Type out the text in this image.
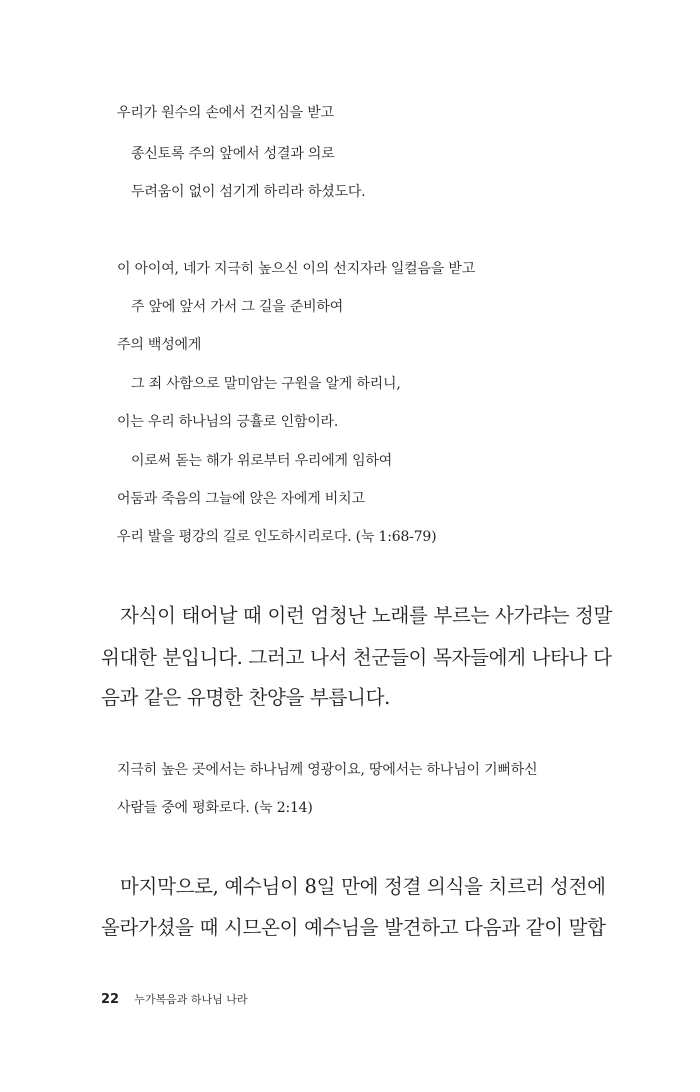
우리가 원수의 손에서 건지심을 받고
종신토록 주의 앞에서 성결과 의로
두려움이 없이 섬기게 하리라 하셨도다.
이 아이여, 네가 지극히 높으신 이의 선지자라 일컬음을 받고
주 앞에 앞서 가서 그 길을 준비하여
주의 백성에게
그 죄 사함으로 말미암는 구원을 알게 하리니,
이는 우리 하나님의 긍휼로 인함이라.
이로써 돋는 해가 위로부터 우리에게 임하여
어둠과 죽음의 그늘에 앉은 자에게 비치고
우리 발을 평강의 길로 인도하시리로다. (눅 1:68-79)
자식이 태어날 때 이런 엄청난 노래를 부르는 사가랴는 정말
위대한 분입니다. 그러고 나서 천군들이 목자들에게 나타나 다
음과 같은 유명한 찬양을 부릅니다.
지극히 높은 곳에서는 하나님께 영광이요, 땅에서는 하나님이 기뻐하신
사람들 중에 평화로다. (눅 2:14)
마지막으로, 예수님이 8일 만에 정결 의식을 치르러 성전에
올라가셨을 때 시므온이 예수님을 발견하고 다음과 같이 말합
22 누가복음과 하나님 나라
